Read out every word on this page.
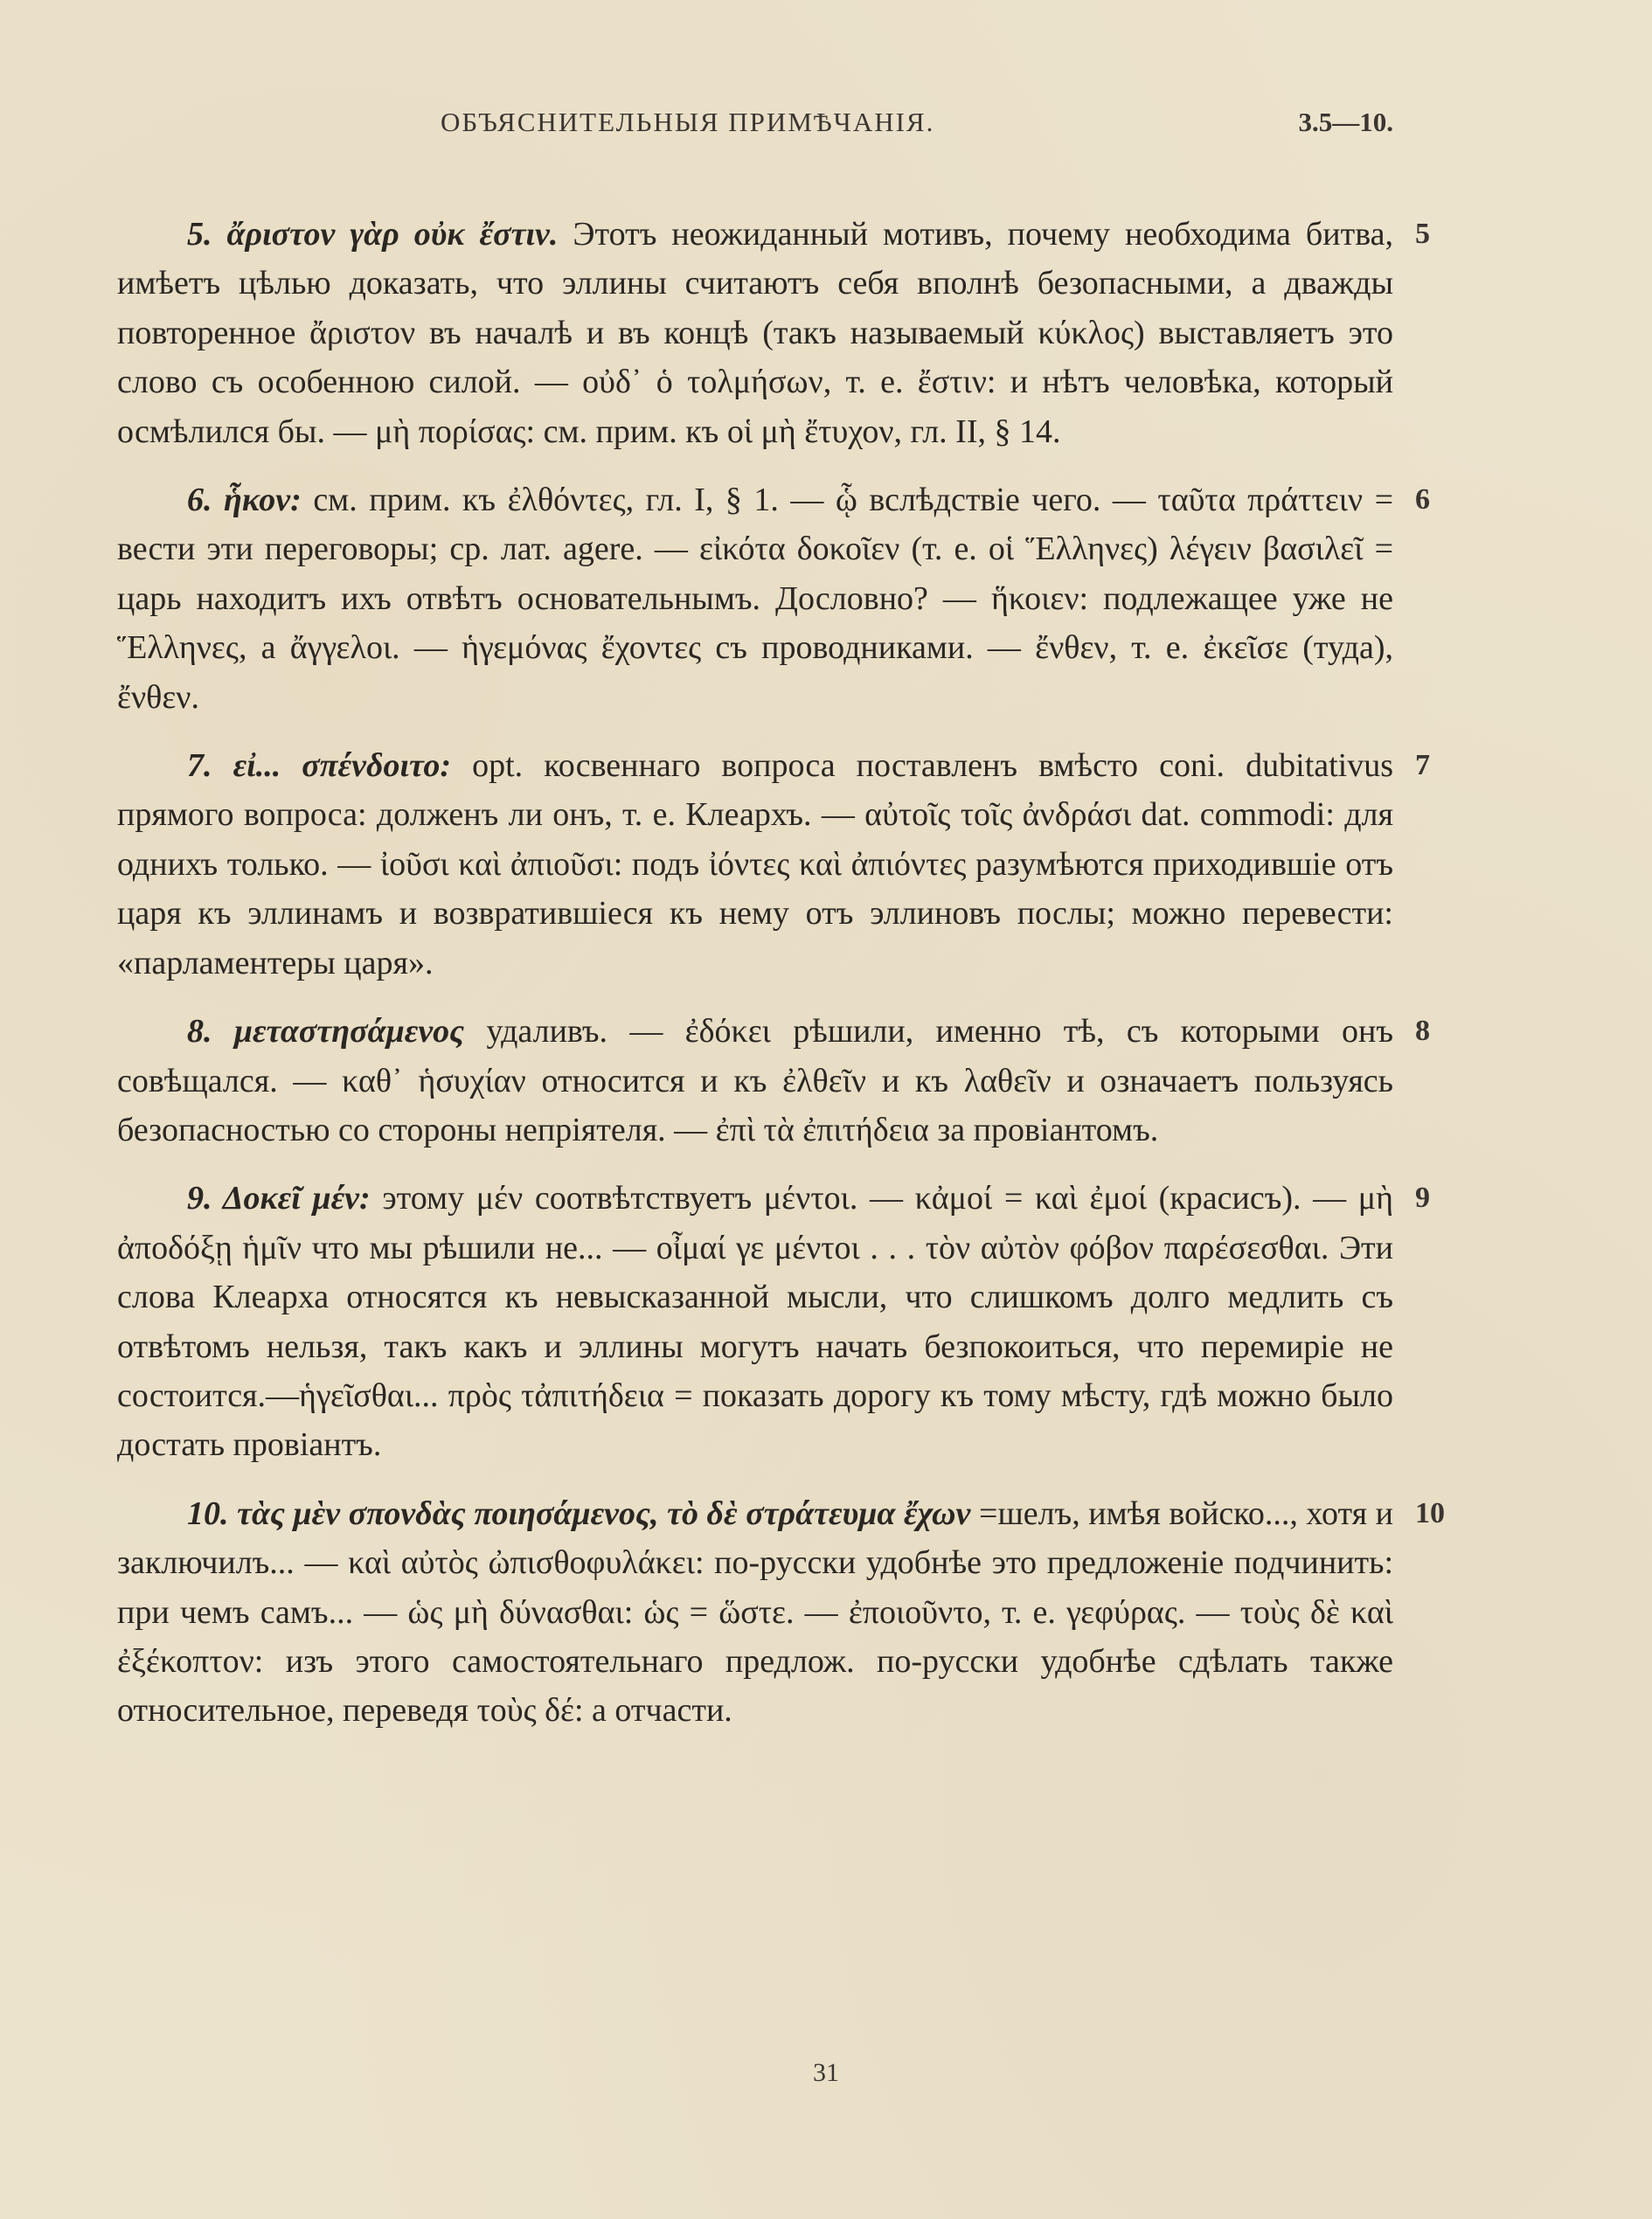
ОБЪЯСНИТЕЛЬНЫЯ ПРИМѢЧАНІЯ.	3.5—10.
5

5. ἄριστον γὰρ οὐκ ἔστιν. Этотъ неожиданный мотивъ, почему необходима битва, имѣетъ цѣлью доказать, что эллины считаютъ себя вполнѣ безопасными, а дважды повторенное ἄριστον въ началѣ и въ концѣ (такъ называемый κύκλος) выставляетъ это слово съ особенною силой. — οὐδ᾽ ὁ τολμήσων, т. е. ἔστιν: и нѣтъ человѣка, который осмѣлился бы. — μὴ πορίσας: см. прим. къ οἱ μὴ ἔτυχον, гл. II, § 14.

6

6. ἧκον: см. прим. къ ἐλθόντες, гл. I, § 1. — ᾧ вслѣдствіе чего. — ταῦτα πράττειν = вести эти переговоры; ср. лат. agere. — εἰκότα δοκοῖεν (т. е. οἱ Ἕλληνες) λέγειν βασιλεῖ = царь находитъ ихъ отвѣтъ основательнымъ. Дословно? — ἥκοιεν: подлежащее уже не Ἕλληνες, а ἄγγελοι. — ἡγεμόνας ἔχοντες съ проводниками. — ἔνθεν, т. е. ἐκεῖσε (туда), ἔνθεν.

7

7. εἰ... σπένδοιτο: opt. косвеннаго вопроса поставленъ вмѣсто coni. dubitativus прямого вопроса: долженъ ли онъ, т. е. Клеархъ. — αὐτοῖς τοῖς ἀνδράσι dat. commodi: для однихъ только. — ἰοῦσι καὶ ἀπιοῦσι: подъ ἰόντες καὶ ἀπιόντες разумѣются приходившіе отъ царя къ эллинамъ и возвратившіеся къ нему отъ эллиновъ послы; можно перевести: «парламентеры царя».

8

8. μεταστησάμενος удаливъ. — ἐδόκει рѣшили, именно тѣ, съ которыми онъ совѣщался. — καθ᾽ ἡσυχίαν относится и къ ἐλθεῖν и къ λαθεῖν и означаетъ пользуясь безопасностью со стороны непріятеля. — ἐπὶ τὰ ἐπιτήδεια за провіантомъ.

9

9. Δοκεῖ μέν: этому μέν соотвѣтствуетъ μέντοι. — κἀμοί = καὶ ἐμοί (красисъ). — μὴ ἀποδόξῃ ἡμῖν что мы рѣшили не... — οἶμαί γε μέντοι . . . τὸν αὐτὸν φόβον παρέσεσθαι. Эти слова Клеарха относятся къ невысказанной мысли, что слишкомъ долго медлить съ отвѣтомъ нельзя, такъ какъ и эллины могутъ начать безпокоиться, что перемиріе не состоится.—ἡγεῖσθαι... πρὸς τἀπιτήδεια = показать дорогу къ тому мѣсту, гдѣ можно было достать провіантъ.

10

10. τὰς μὲν σπονδὰς ποιησάμενος, τὸ δὲ στράτευμα ἔχων =шелъ, имѣя войско..., хотя и заключилъ... — καὶ αὐτὸς ὠπισθοφυλάκει: по-русски удобнѣе это предложеніе подчинить: при чемъ самъ... — ὡς μὴ δύνασθαι: ὡς = ὥστε. — ἐποιοῦντο, т. е. γεφύρας. — τοὺς δὲ καὶ ἐξέκοπτον: изъ этого самостоятельнаго предлож. по-русски удобнѣе сдѣлать также относительное, переведя τοὺς δέ: а отчасти.

31
